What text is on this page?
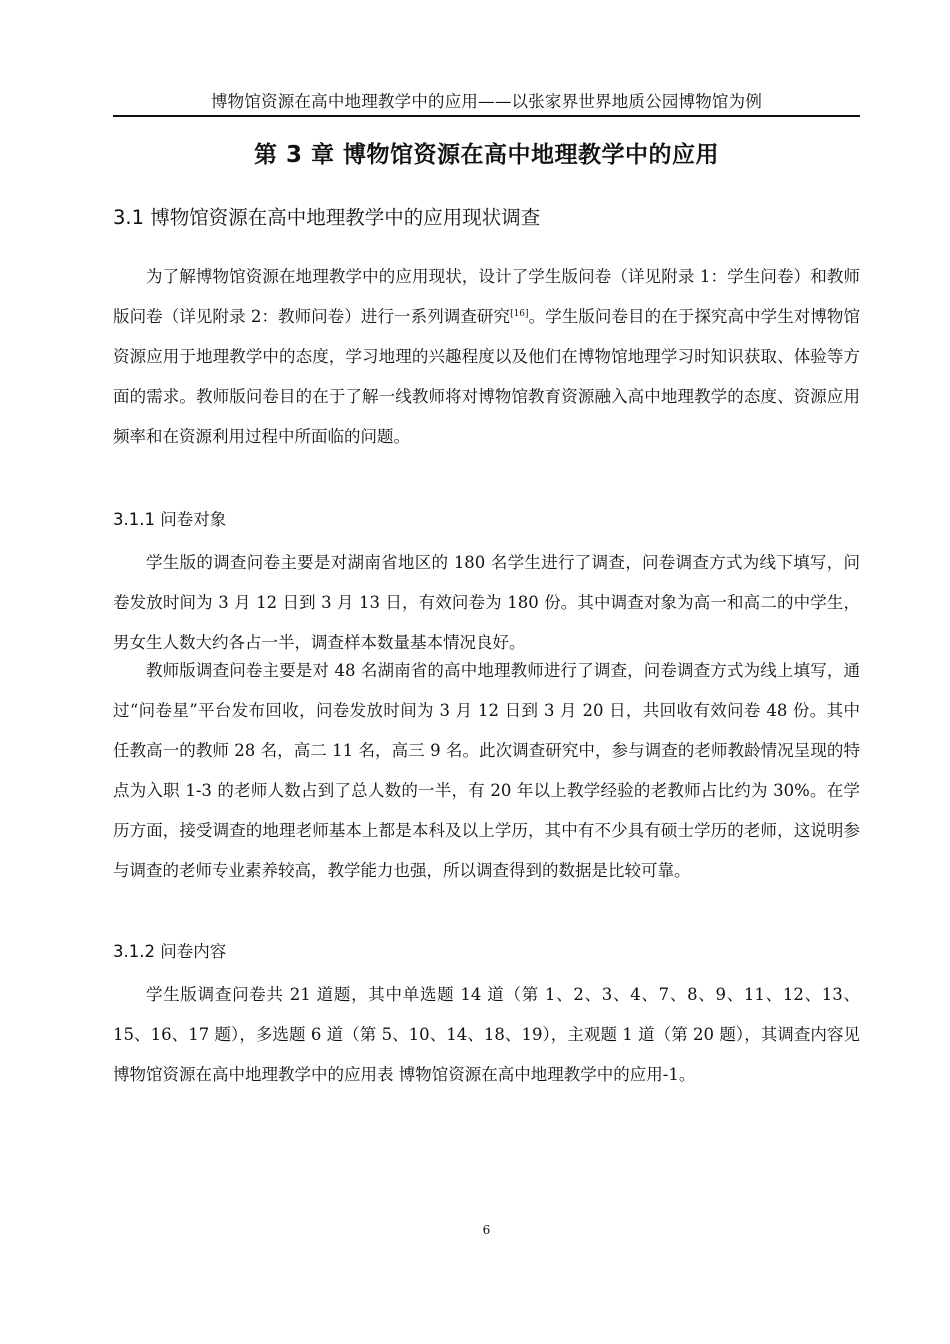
博物馆资源在高中地理教学中的应用——以张家界世界地质公园博物馆为例
第 3 章 博物馆资源在高中地理教学中的应用
3.1 博物馆资源在高中地理教学中的应用现状调查

为了解博物馆资源在地理教学中的应用现状，设计了学生版问卷（详见附录 1：学生问卷）和教师版问卷（详见附录 2：教师问卷）进行一系列调查研究[16]。学生版问卷目的在于探究高中学生对博物馆资源应用于地理教学中的态度，学习地理的兴趣程度以及他们在博物馆地理学习时知识获取、体验等方面的需求。教师版问卷目的在于了解一线教师将对博物馆教育资源融入高中地理教学的态度、资源应用频率和在资源利用过程中所面临的问题。

3.1.1 问卷对象

学生版的调查问卷主要是对湖南省地区的 180 名学生进行了调查，问卷调查方式为线下填写，问卷发放时间为 3 月 12 日到 3 月 13 日，有效问卷为 180 份。其中调查对象为高一和高二的中学生，男女生人数大约各占一半，调查样本数量基本情况良好。

教师版调查问卷主要是对 48 名湖南省的高中地理教师进行了调查，问卷调查方式为线上填写，通过“问卷星”平台发布回收，问卷发放时间为 3 月 12 日到 3 月 20 日，共回收有效问卷 48 份。其中任教高一的教师 28 名，高二 11 名，高三 9 名。此次调查研究中，参与调查的老师教龄情况呈现的特点为入职 1-3 的老师人数占到了总人数的一半，有 20 年以上教学经验的老教师占比约为 30%。在学历方面，接受调查的地理老师基本上都是本科及以上学历，其中有不少具有硕士学历的老师，这说明参与调查的老师专业素养较高，教学能力也强，所以调查得到的数据是比较可靠。

3.1.2 问卷内容

学生版调查问卷共 21 道题，其中单选题 14 道（第 1、2、3、4、7、8、9、11、12、13、15、16、17 题），多选题 6 道（第 5、10、14、18、19），主观题 1 道（第 20 题），其调查内容见博物馆资源在高中地理教学中的应用表 博物馆资源在高中地理教学中的应用-1。

6
